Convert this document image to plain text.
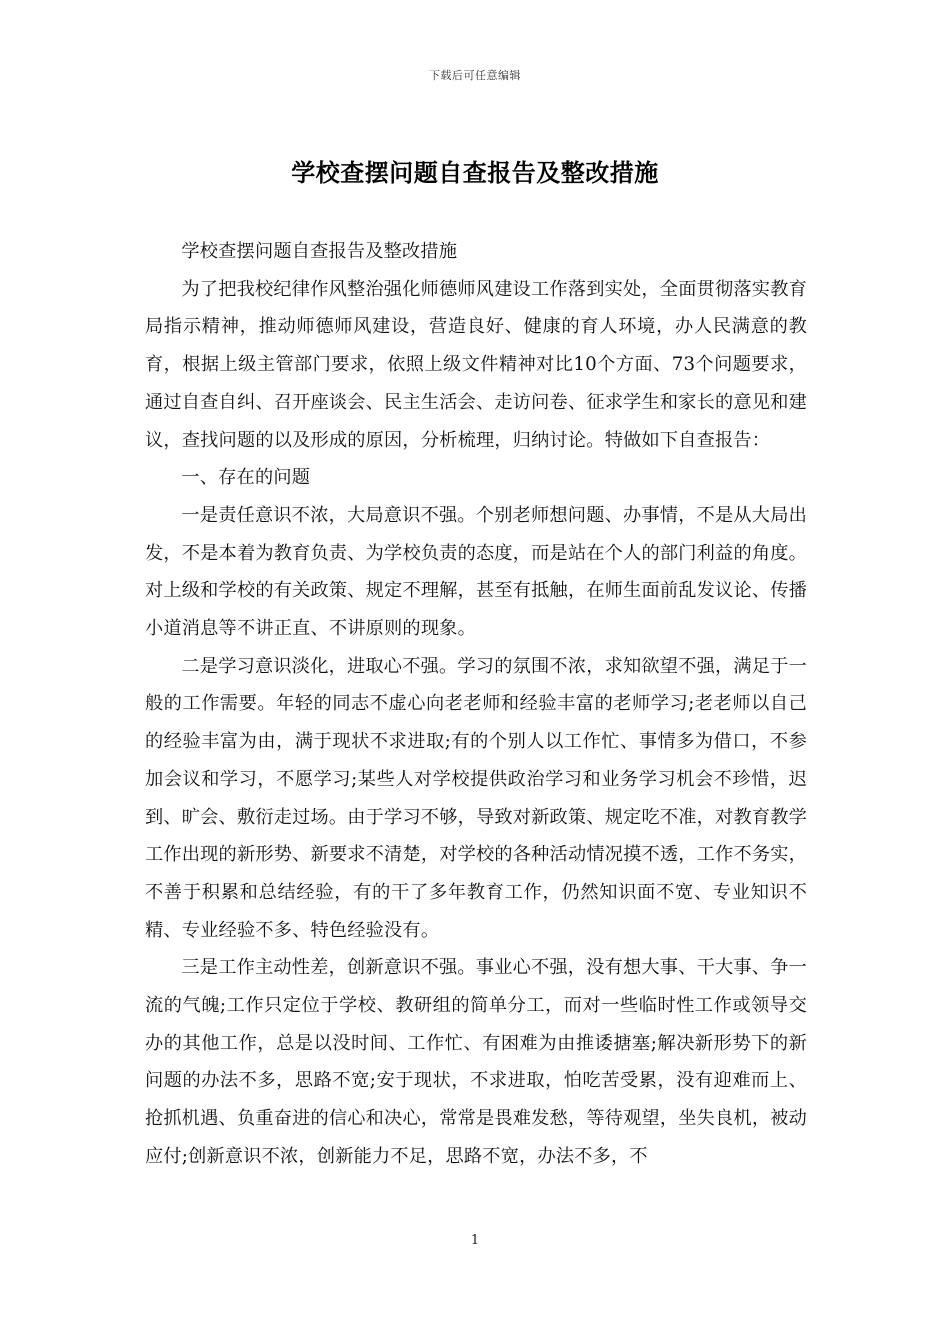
下载后可任意编辑
学校查摆问题自查报告及整改措施

学校查摆问题自查报告及整改措施

为了把我校纪律作风整治强化师德师风建设工作落到实处，全面贯彻落实教育局指示精神，推动师德师风建设，营造良好、健康的育人环境，办人民满意的教育，根据上级主管部门要求，依照上级文件精神对比10个方面、73个问题要求，通过自查自纠、召开座谈会、民主生活会、走访问卷、征求学生和家长的意见和建议，查找问题的以及形成的原因，分析梳理，归纳讨论。特做如下自查报告：

一、存在的问题

一是责任意识不浓，大局意识不强。个别老师想问题、办事情，不是从大局出发，不是本着为教育负责、为学校负责的态度，而是站在个人的部门利益的角度。对上级和学校的有关政策、规定不理解，甚至有抵触，在师生面前乱发议论、传播小道消息等不讲正直、不讲原则的现象。

二是学习意识淡化，进取心不强。学习的氛围不浓，求知欲望不强，满足于一般的工作需要。年轻的同志不虚心向老老师和经验丰富的老师学习;老老师以自己的经验丰富为由，满于现状不求进取;有的个别人以工作忙、事情多为借口，不参加会议和学习，不愿学习;某些人对学校提供政治学习和业务学习机会不珍惜，迟到、旷会、敷衍走过场。由于学习不够，导致对新政策、规定吃不准，对教育教学工作出现的新形势、新要求不清楚，对学校的各种活动情况摸不透，工作不务实，不善于积累和总结经验，有的干了多年教育工作，仍然知识面不宽、专业知识不精、专业经验不多、特色经验没有。

三是工作主动性差，创新意识不强。事业心不强，没有想大事、干大事、争一流的气魄;工作只定位于学校、教研组的简单分工，而对一些临时性工作或领导交办的其他工作，总是以没时间、工作忙、有困难为由推诿搪塞;解决新形势下的新问题的办法不多，思路不宽;安于现状，不求进取，怕吃苦受累，没有迎难而上、抢抓机遇、负重奋进的信心和决心，常常是畏难发愁，等待观望，坐失良机，被动应付;创新意识不浓，创新能力不足，思路不宽，办法不多，不

1
